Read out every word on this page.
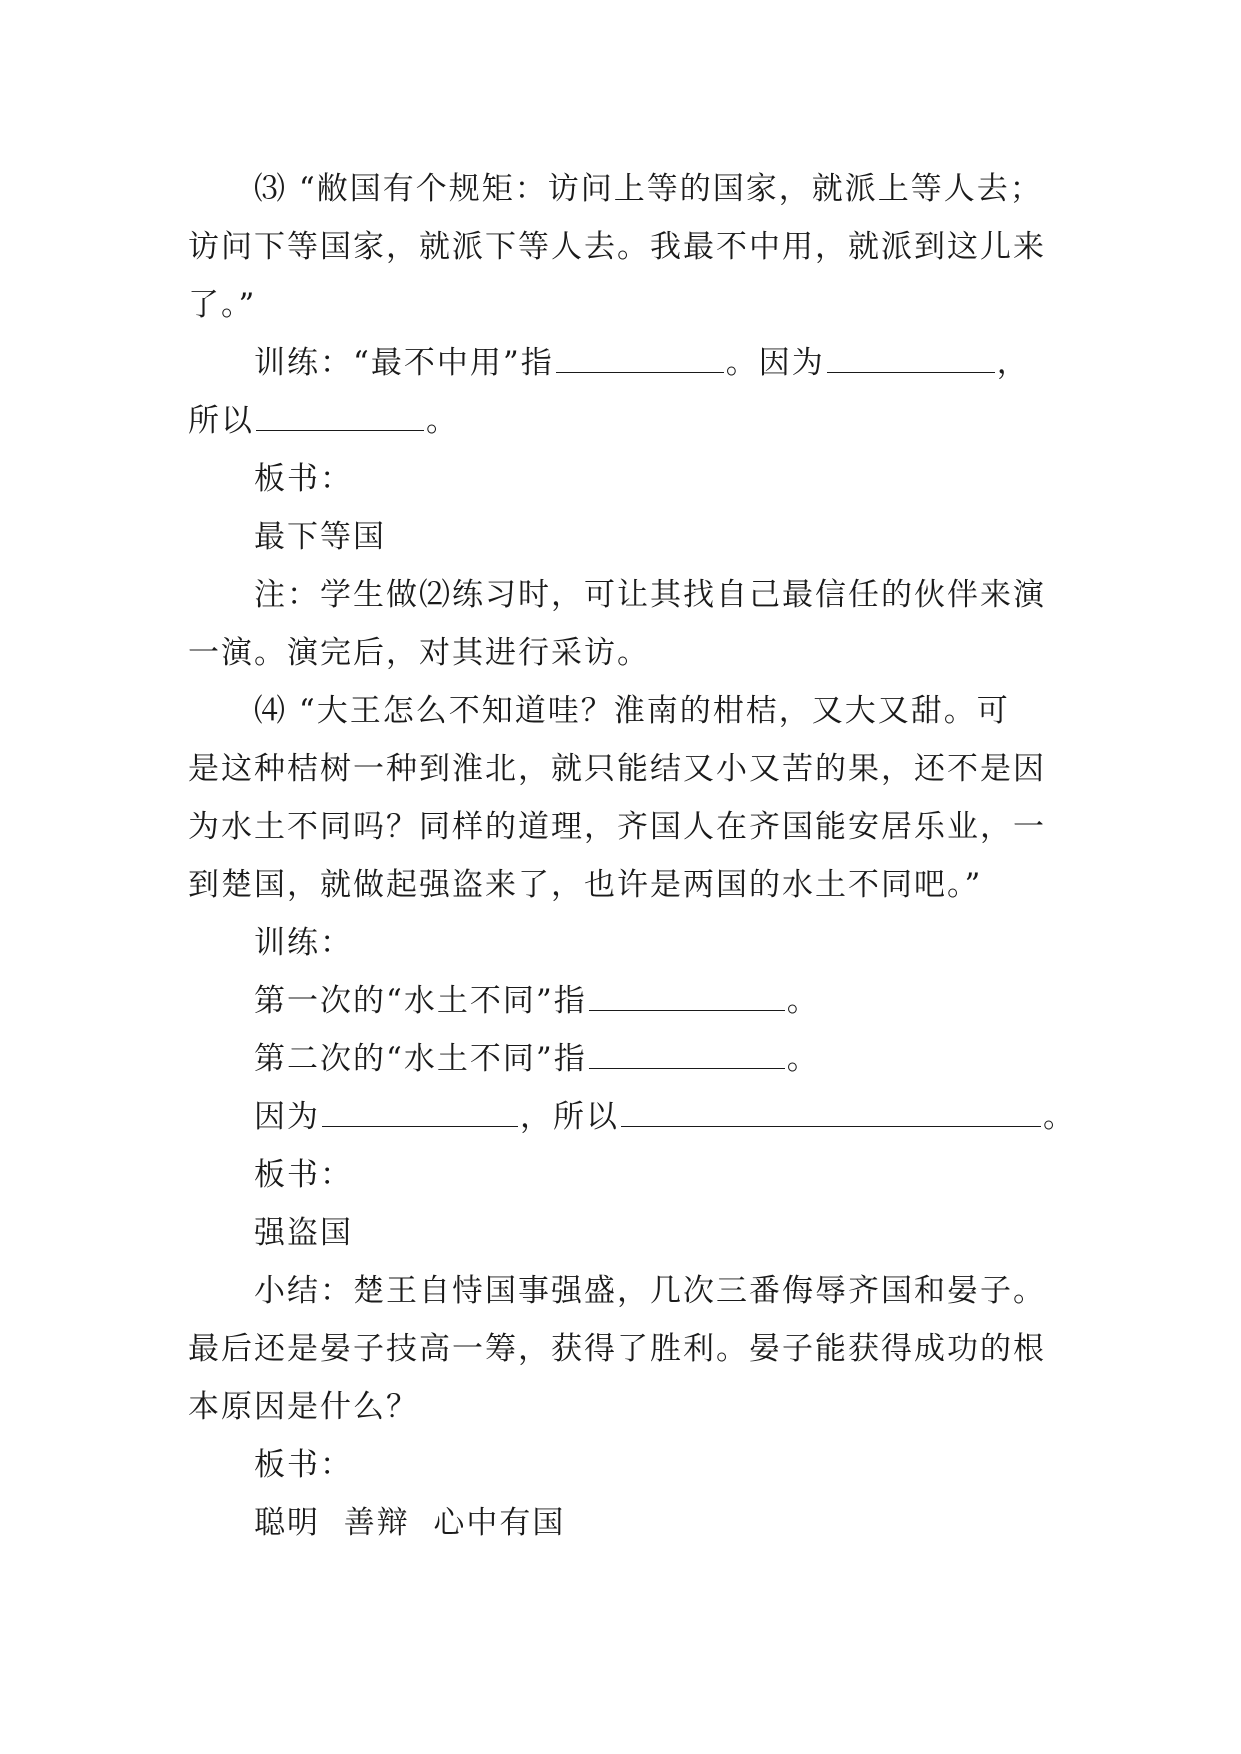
⑶ “敝国有个规矩：访问上等的国家，就派上等人去；
访问下等国家，就派下等人去。我最不中用，就派到这儿来
了。”
训练：“最不中用”指	。因为	，
所以	。
板书：
最下等国
注：学生做⑵练习时，可让其找自己最信任的伙伴来演
一演。演完后，对其进行采访。
⑷ “大王怎么不知道哇？淮南的柑桔，又大又甜。可
是这种桔树一种到淮北，就只能结又小又苦的果，还不是因
为水土不同吗？同样的道理，齐国人在齐国能安居乐业，一
到楚国，就做起强盗来了，也许是两国的水土不同吧。”
训练：
第一次的“水土不同”指	。
第二次的“水土不同”指	。
因为	，所以	。
板书：
强盗国
小结：楚王自恃国事强盛，几次三番侮辱齐国和晏子。
最后还是晏子技高一筹，获得了胜利。晏子能获得成功的根
本原因是什么？
板书：
聪明  善辩  心中有国
